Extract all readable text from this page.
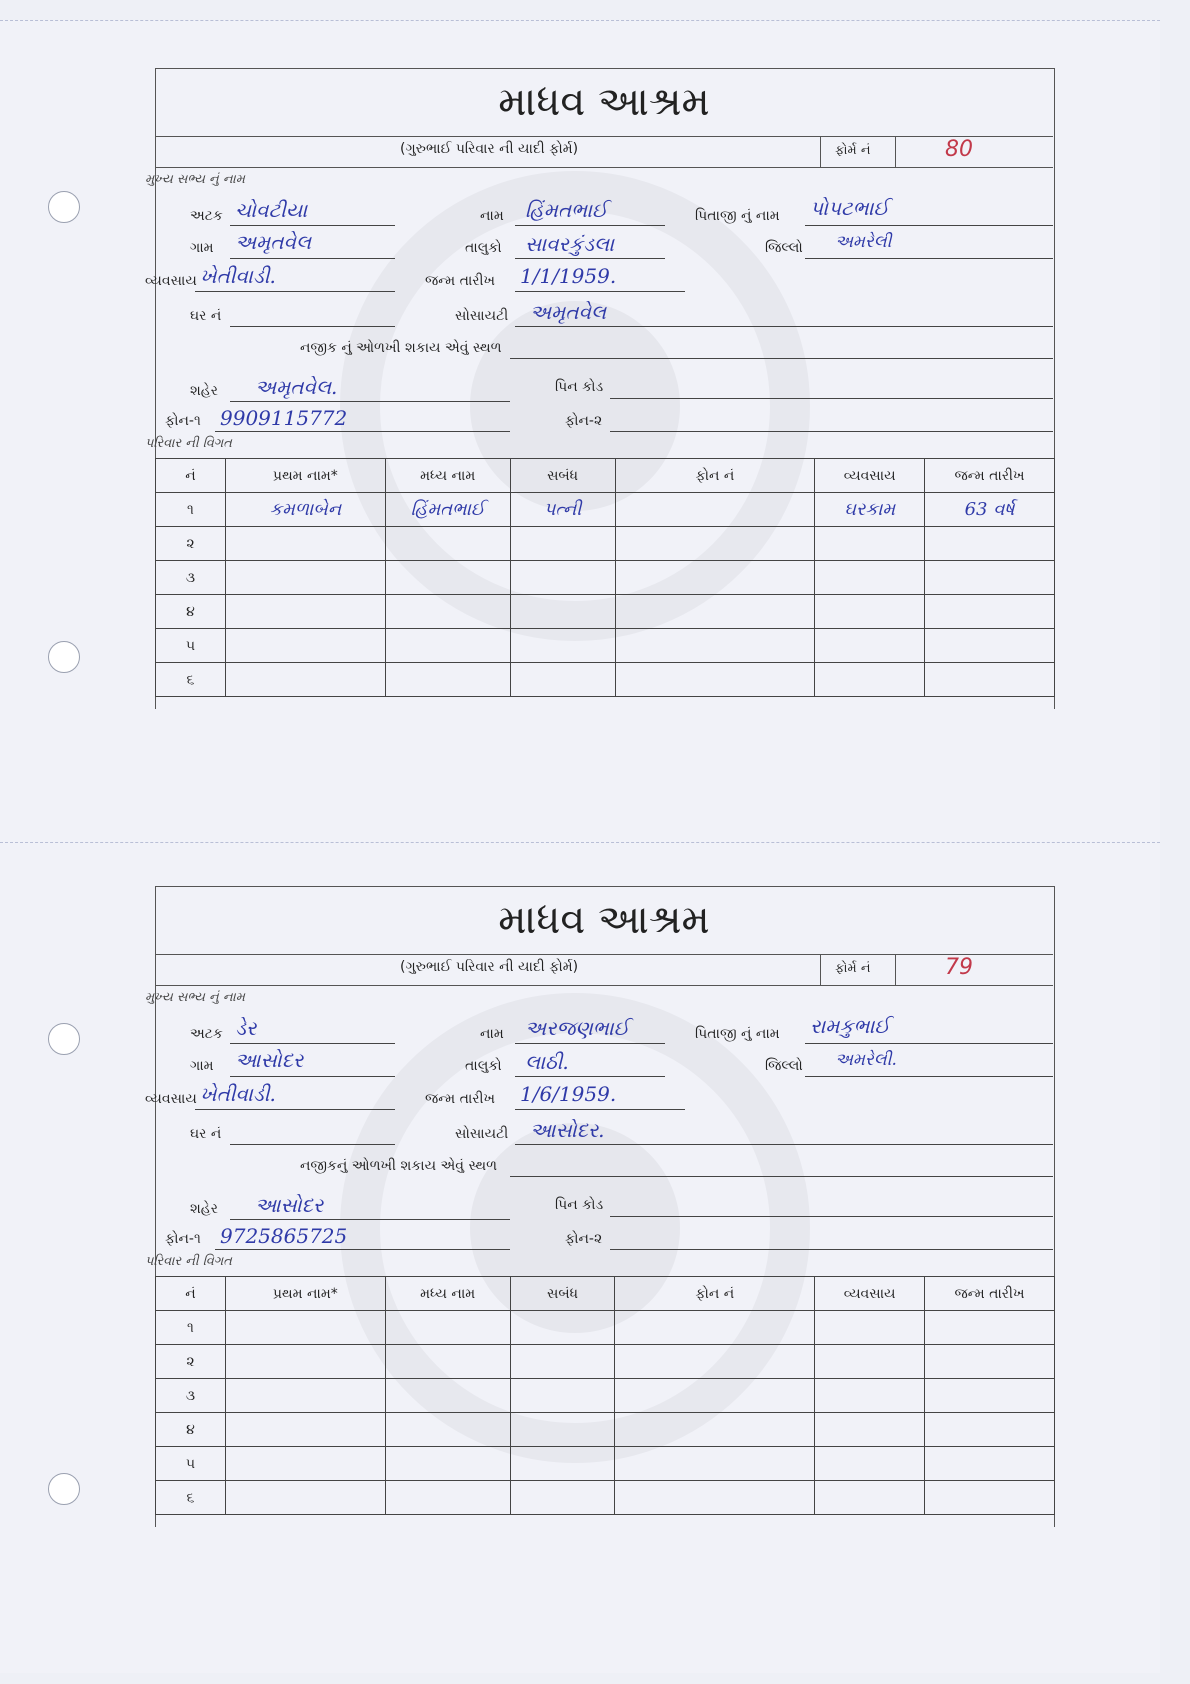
માધવ આશ્રમ
(ગુરુભાઈ પરિવાર ની યાદી ફોર્મ)	ફોર્મ નં	80
મુખ્ય સભ્ય નું નામ
અટક ચોવટીયા	નામ હિંમતભાઈ	પિતાજી નું નામ પોપટભાઈ
ગામ અમૃતવેલ	તાલુકો સાવરકુંડલા	જિલ્લો અમરેલી
વ્યવસાય ખેતીવાડી.	જન્મ તારીખ 1/1/1959.
ઘર નં	સોસાયટી અમૃતવેલ
નજીક નું ઓળખી શકાય એવું સ્થળ
શહેર અમૃતવેલ.	પિન કોડ
ફોન-૧ 9909115772	ફોન-૨
પરિવાર ની વિગત
નં	પ્રથમ નામ*	મધ્ય નામ	સબંધ	ફોન નં	વ્યવસાય	જન્મ તારીખ
૧	કમળાબેન	હિંમતભાઈ	પત્ની		ઘરકામ	63 વર્ષ
૨						
૩						
૪						
૫						
૬						
માધવ આશ્રમ
(ગુરુભાઈ પરિવાર ની યાદી ફોર્મ)	ફોર્મ નં	79
મુખ્ય સભ્ય નું નામ
અટક ડેર	નામ અરજણભાઈ	પિતાજી નું નામ રામકુભાઈ
ગામ આસોદર	તાલુકો લાઠી.	જિલ્લો અમરેલી.
વ્યવસાય ખેતીવાડી.	જન્મ તારીખ 1/6/1959.
ઘર નં	સોસાયટી આસોદર.
નજીકનું ઓળખી શકાય એવું સ્થળ
શહેર આસોદર	પિન કોડ
ફોન-૧ 9725865725	ફોન-૨
પરિવાર ની વિગત
નં	પ્રથમ નામ*	મધ્ય નામ	સબંધ	ફોન નં	વ્યવસાય	જન્મ તારીખ
૧						
૨						
૩						
૪						
૫						
૬						
